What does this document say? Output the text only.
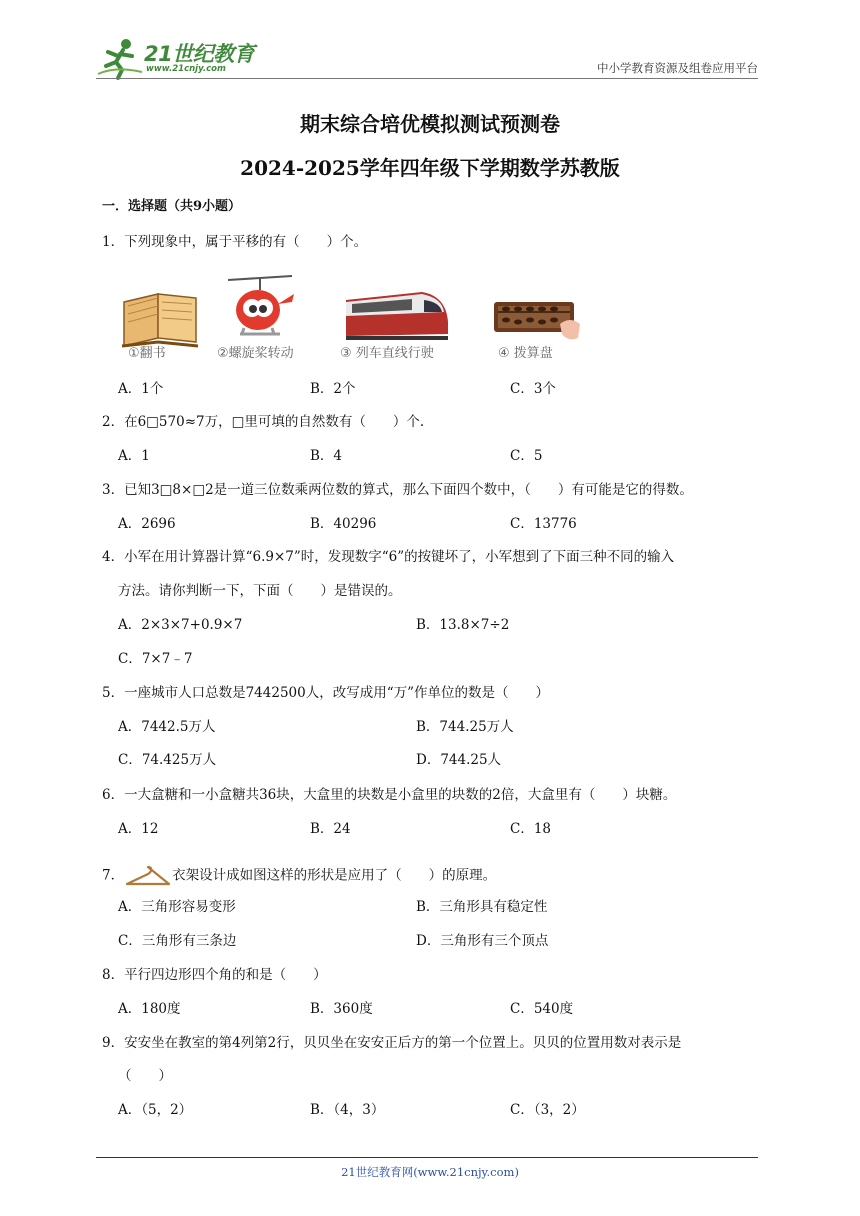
21世纪教育
www.21cnjy.com	中小学教育资源及组卷应用平台
期末综合培优模拟测试预测卷
2024-2025学年四年级下学期数学苏教版
一．选择题（共9小题）
1．下列现象中，属于平移的有（　　）个。
①翻书	②螺旋桨转动	③ 列车直线行驶	④ 拨算盘
A．1个	B．2个	C．3个
2．在6□570≈7万，□里可填的自然数有（　　）个.
A．1	B．4	C．5
3．已知3□8×□2是一道三位数乘两位数的算式，那么下面四个数中，（　　）有可能是它的得数。
A．2696	B．40296	C．13776
4．小军在用计算器计算“6.9×7”时，发现数字“6”的按键坏了，小军想到了下面三种不同的输入
方法。请你判断一下，下面（　　）是错误的。
A．2×3×7+0.9×7	B．13.8×7÷2
C．7×7﹣7
5．一座城市人口总数是7442500人，改写成用“万”作单位的数是（　　）
A．7442.5万人	B．744.25万人
C．74.425万人	D．744.25人
6．一大盒糖和一小盒糖共36块，大盒里的块数是小盒里的块数的2倍，大盒里有（　　）块糖。
A．12	B．24	C．18
7．	衣架设计成如图这样的形状是应用了（　　）的原理。
A．三角形容易变形	B．三角形具有稳定性
C．三角形有三条边	D．三角形有三个顶点
8．平行四边形四个角的和是（　　）
A．180度	B．360度	C．540度
9．安安坐在教室的第4列第2行，贝贝坐在安安正后方的第一个位置上。贝贝的位置用数对表示是
（　　）
A．（5，2）	B．（4，3）	C．（3，2）
21世纪教育网(www.21cnjy.com)
